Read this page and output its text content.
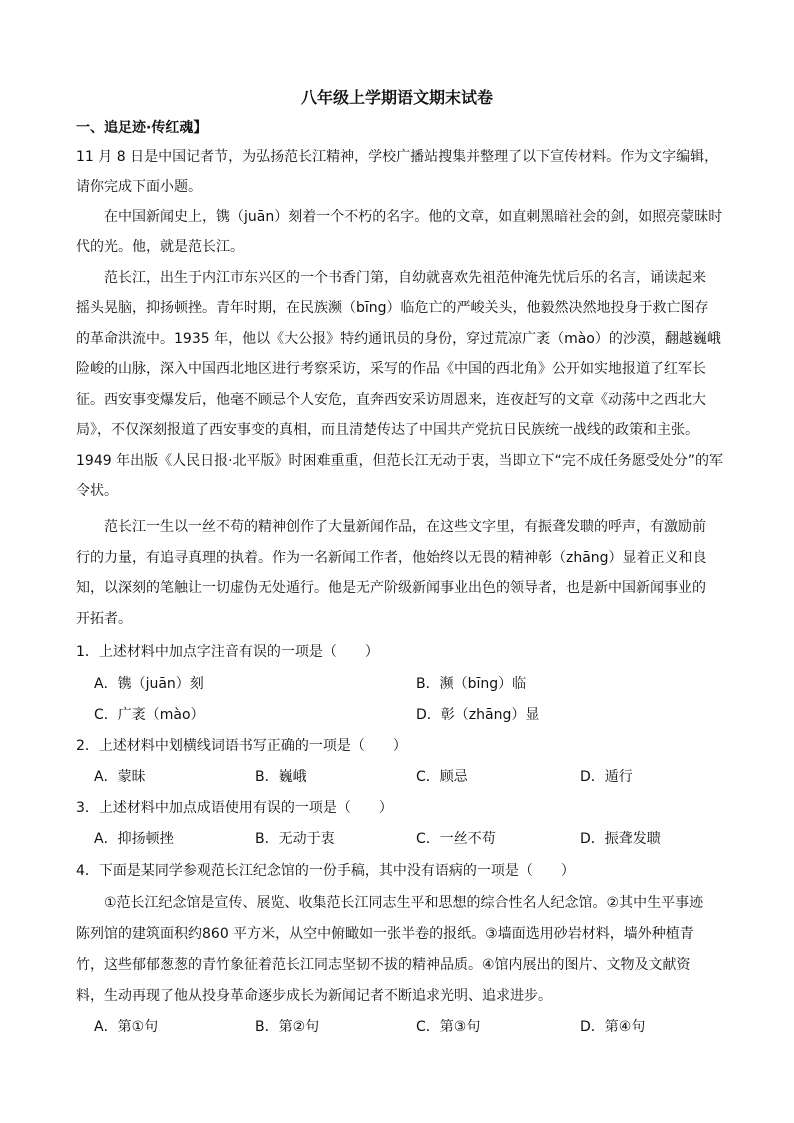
八年级上学期语文期末试卷
一、追足迹·传红魂】
11 月 8 日是中国记者节，为弘扬范长江精神，学校广播站搜集并整理了以下宣传材料。作为文字编辑，
请你完成下面小题。
在中国新闻史上，镌（juān）刻着一个不朽的名字。他的文章，如直刺黑暗社会的剑，如照亮蒙昧时
代的光。他，就是范长江。
范长江，出生于内江市东兴区的一个书香门第，自幼就喜欢先祖范仲淹先忧后乐的名言，诵读起来
摇头晃脑，抑扬顿挫。青年时期，在民族濒（bīng）临危亡的严峻关头，他毅然决然地投身于救亡图存
的革命洪流中。1935 年，他以《大公报》特约通讯员的身份，穿过荒凉广袤（mào）的沙漠，翻越巍峨
险峻的山脉，深入中国西北地区进行考察采访，采写的作品《中国的西北角》公开如实地报道了红军长
征。西安事变爆发后，他毫不顾忌个人安危，直奔西安采访周恩来，连夜赶写的文章《动荡中之西北大
局》，不仅深刻报道了西安事变的真相，而且清楚传达了中国共产党抗日民族统一战线的政策和主张。
1949 年出版《人民日报·北平版》时困难重重，但范长江无动于衷，当即立下“完不成任务愿受处分”的军
令状。
范长江一生以一丝不苟的精神创作了大量新闻作品，在这些文字里，有振聋发聩的呼声，有激励前
行的力量，有追寻真理的执着。作为一名新闻工作者，他始终以无畏的精神彰（zhāng）显着正义和良
知，以深刻的笔触让一切虚伪无处遁行。他是无产阶级新闻事业出色的领导者，也是新中国新闻事业的
开拓者。
1．上述材料中加点字注音有误的一项是（　　）
A．镌（juān）刻	B．濒（bīng）临
C．广袤（mào）	D．彰（zhāng）显
2．上述材料中划横线词语书写正确的一项是（　　）
A．蒙昧	B．巍峨	C．顾忌	D．遁行
3．上述材料中加点成语使用有误的一项是（　　）
A．抑扬顿挫	B．无动于衷	C．一丝不苟	D．振聋发聩
4．下面是某同学参观范长江纪念馆的一份手稿，其中没有语病的一项是（　　）
①范长江纪念馆是宣传、展览、收集范长江同志生平和思想的综合性名人纪念馆。②其中生平事迹
陈列馆的建筑面积约860 平方米，从空中俯瞰如一张半卷的报纸。③墙面选用砂岩材料，墙外种植青
竹，这些郁郁葱葱的青竹象征着范长江同志坚韧不拔的精神品质。④馆内展出的图片、文物及文献资
料，生动再现了他从投身革命逐步成长为新闻记者不断追求光明、追求进步。
A．第①句	B．第②句	C．第③句	D．第④句
